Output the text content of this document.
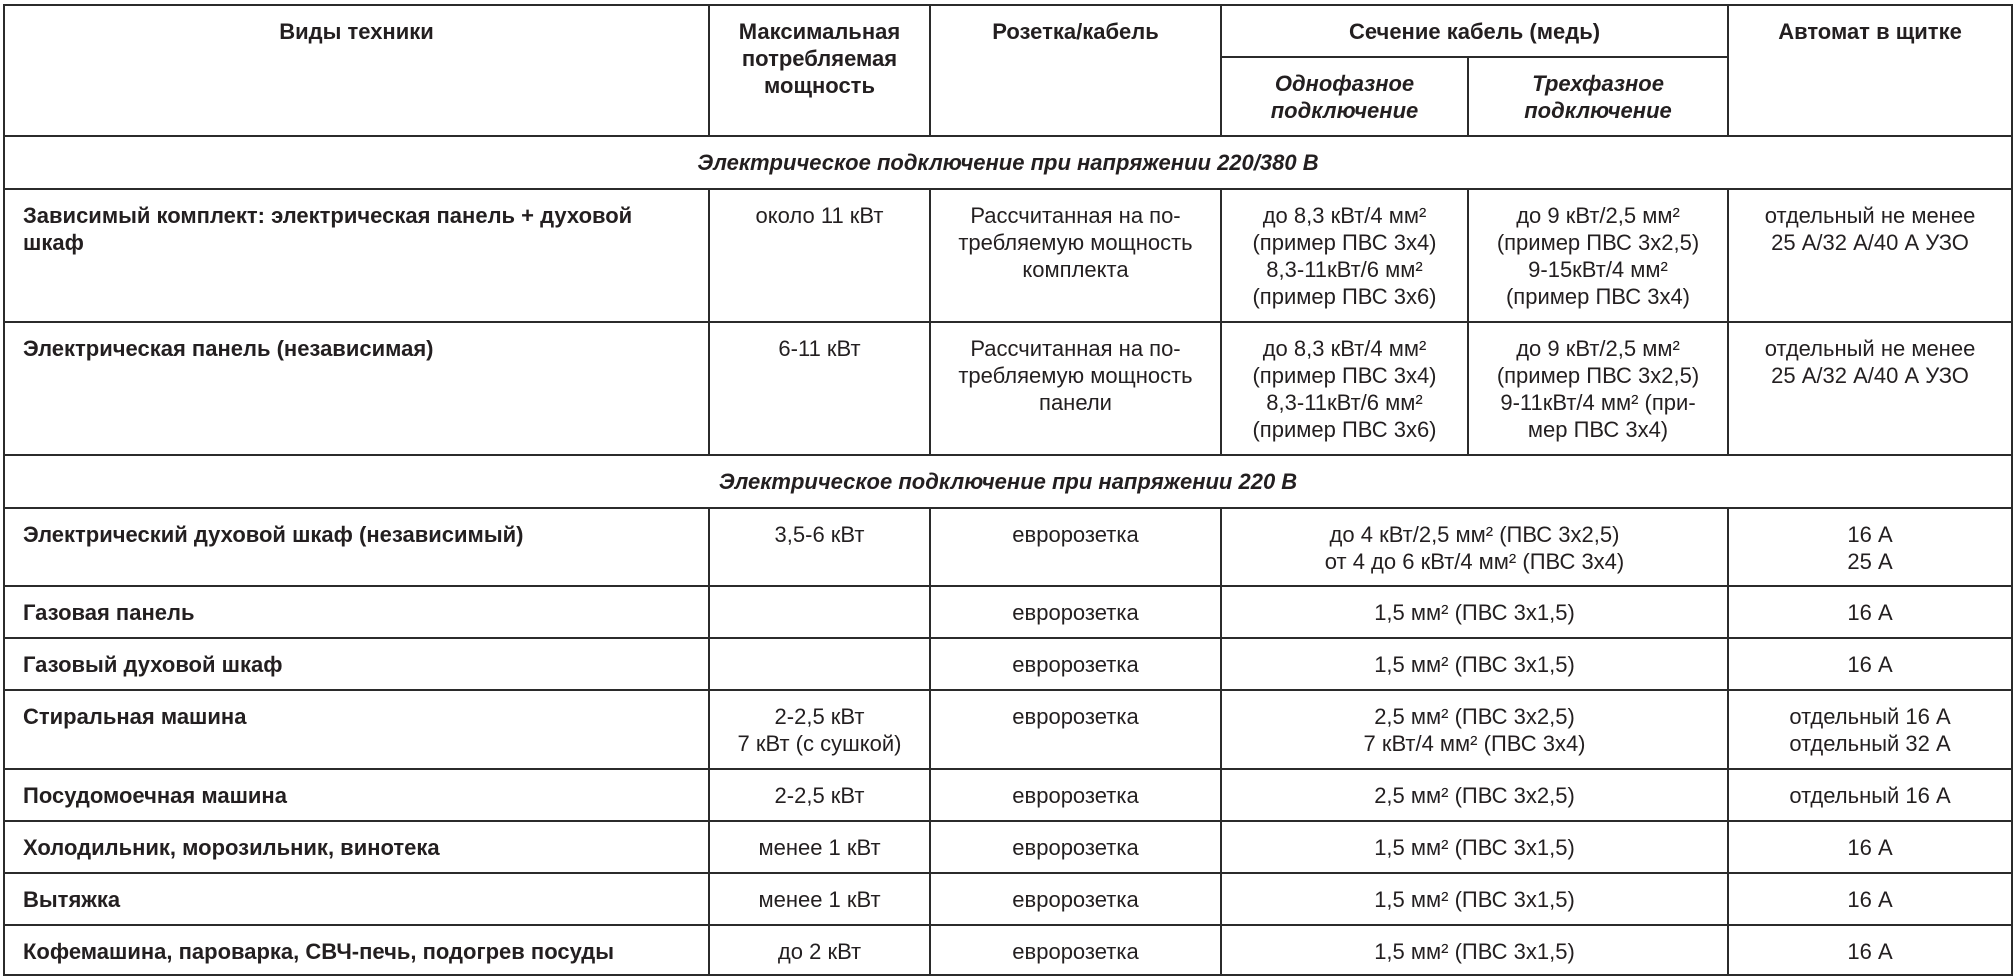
Виды техники	Максимальная потребляемая мощность	Розетка/кабель	Сечение кабель (медь)		Автомат в щитке
			Однофазное подключение	Трехфазное подключение	
Электрическое подключение при напряжении 220/380 В					
Зависимый комплект: электрическая панель + духовой шкаф	около 11 кВт	Рассчитанная на по-
требляемую мощность
комплекта	до 8,3 кВт/4 мм²
(пример ПВС 3х4)
8,3-11кВт/6 мм²
(пример ПВС 3х6)	до 9 кВт/2,5 мм²
(пример ПВС 3х2,5)
9-15кВт/4 мм²
(пример ПВС 3х4)	отдельный не менее
25 А/32 А/40 А УЗО
Электрическая панель (независимая)	6-11 кВт	Рассчитанная на по-
требляемую мощность
панели	до 8,3 кВт/4 мм²
(пример ПВС 3х4)
8,3-11кВт/6 мм²
(пример ПВС 3х6)	до 9 кВт/2,5 мм²
(пример ПВС 3х2,5)
9-11кВт/4 мм² (при-
мер ПВС 3х4)	отдельный не менее
25 А/32 А/40 А УЗО
Электрическое подключение при напряжении 220 В					
Электрический духовой шкаф (независимый)	3,5-6 кВт	евророзетка	до 4 кВт/2,5 мм² (ПВС 3х2,5)
от 4 до 6 кВт/4 мм² (ПВС 3х4)		16 А
25 А
Газовая панель		евророзетка	1,5 мм² (ПВС 3х1,5)		16 А
Газовый духовой шкаф		евророзетка	1,5 мм² (ПВС 3х1,5)		16 А
Стиральная машина	2-2,5 кВт
7 кВт (с сушкой)	евророзетка	2,5 мм² (ПВС 3х2,5)
7 кВт/4 мм² (ПВС 3х4)		отдельный 16 А
отдельный 32 А
Посудомоечная машина	2-2,5 кВт	евророзетка	2,5 мм² (ПВС 3х2,5)		отдельный 16 А
Холодильник, морозильник, винотека	менее 1 кВт	евророзетка	1,5 мм² (ПВС 3х1,5)		16 А
Вытяжка	менее 1 кВт	евророзетка	1,5 мм² (ПВС 3х1,5)		16 А
Кофемашина, пароварка, СВЧ-печь, подогрев посуды	до 2 кВт	евророзетка	1,5 мм² (ПВС 3х1,5)		16 А
